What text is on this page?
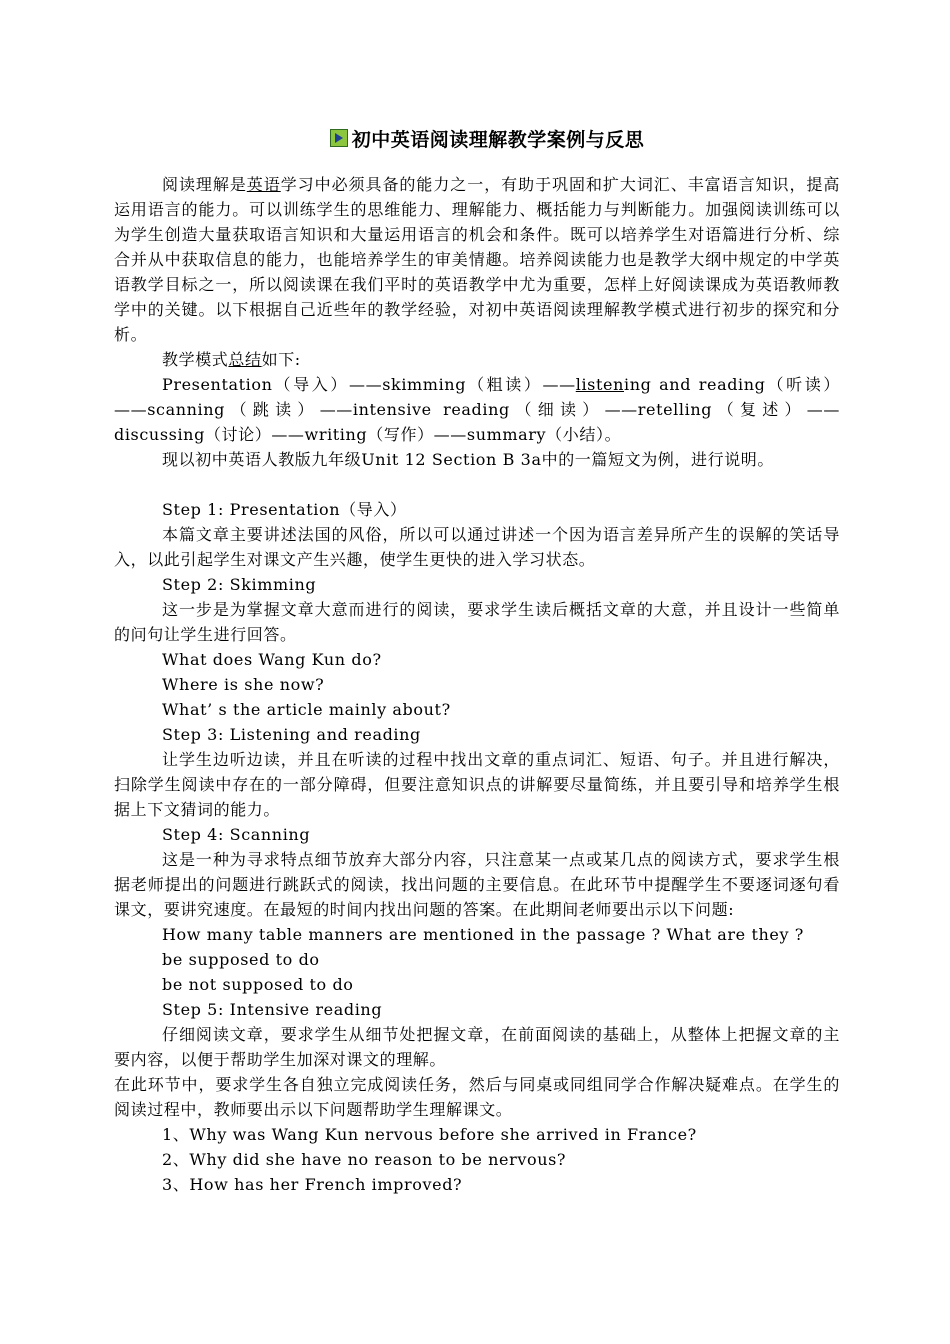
初中英语阅读理解教学案例与反思

阅读理解是英语学习中必须具备的能力之一，有助于巩固和扩大词汇、丰富语言知识，提高运用语言的能力。可以训练学生的思维能力、理解能力、概括能力与判断能力。加强阅读训练可以为学生创造大量获取语言知识和大量运用语言的机会和条件。既可以培养学生对语篇进行分析、综合并从中获取信息的能力，也能培养学生的审美情趣。培养阅读能力也是教学大纲中规定的中学英语教学目标之一，所以阅读课在我们平时的英语教学中尤为重要，怎样上好阅读课成为英语教师教学中的关键。以下根据自己近些年的教学经验，对初中英语阅读理解教学模式进行初步的探究和分析。

教学模式总结如下:

Presentation（导入）——skimming（粗读）——listening and reading（听读）——scanning（跳读）——intensive reading（细读）——retelling（复述）——discussing（讨论）——writing（写作）——summary（小结）。

现以初中英语人教版九年级Unit 12 Section B 3a中的一篇短文为例，进行说明。

Step 1: Presentation（导入）

本篇文章主要讲述法国的风俗，所以可以通过讲述一个因为语言差异所产生的误解的笑话导入，以此引起学生对课文产生兴趣，使学生更快的进入学习状态。

Step 2: Skimming

这一步是为掌握文章大意而进行的阅读，要求学生读后概括文章的大意，并且设计一些简单的问句让学生进行回答。

What does Wang Kun do?

Where is she now?

What’ s the article mainly about?

Step 3: Listening and reading

让学生边听边读，并且在听读的过程中找出文章的重点词汇、短语、句子。并且进行解决，扫除学生阅读中存在的一部分障碍，但要注意知识点的讲解要尽量简练，并且要引导和培养学生根据上下文猜词的能力。

Step 4: Scanning

这是一种为寻求特点细节放弃大部分内容，只注意某一点或某几点的阅读方式，要求学生根据老师提出的问题进行跳跃式的阅读，找出问题的主要信息。在此环节中提醒学生不要逐词逐句看课文，要讲究速度。在最短的时间内找出问题的答案。在此期间老师要出示以下问题:

How many table manners are mentioned in the passage ? What are they ?

be supposed to do

be not supposed to do

Step 5: Intensive reading

仔细阅读文章，要求学生从细节处把握文章，在前面阅读的基础上，从整体上把握文章的主要内容，以便于帮助学生加深对课文的理解。

在此环节中，要求学生各自独立完成阅读任务，然后与同桌或同组同学合作解决疑难点。在学生的阅读过程中，教师要出示以下问题帮助学生理解课文。

1、Why was Wang Kun nervous before she arrived in France?

2、Why did she have no reason to be nervous?

3、How has her French improved?
